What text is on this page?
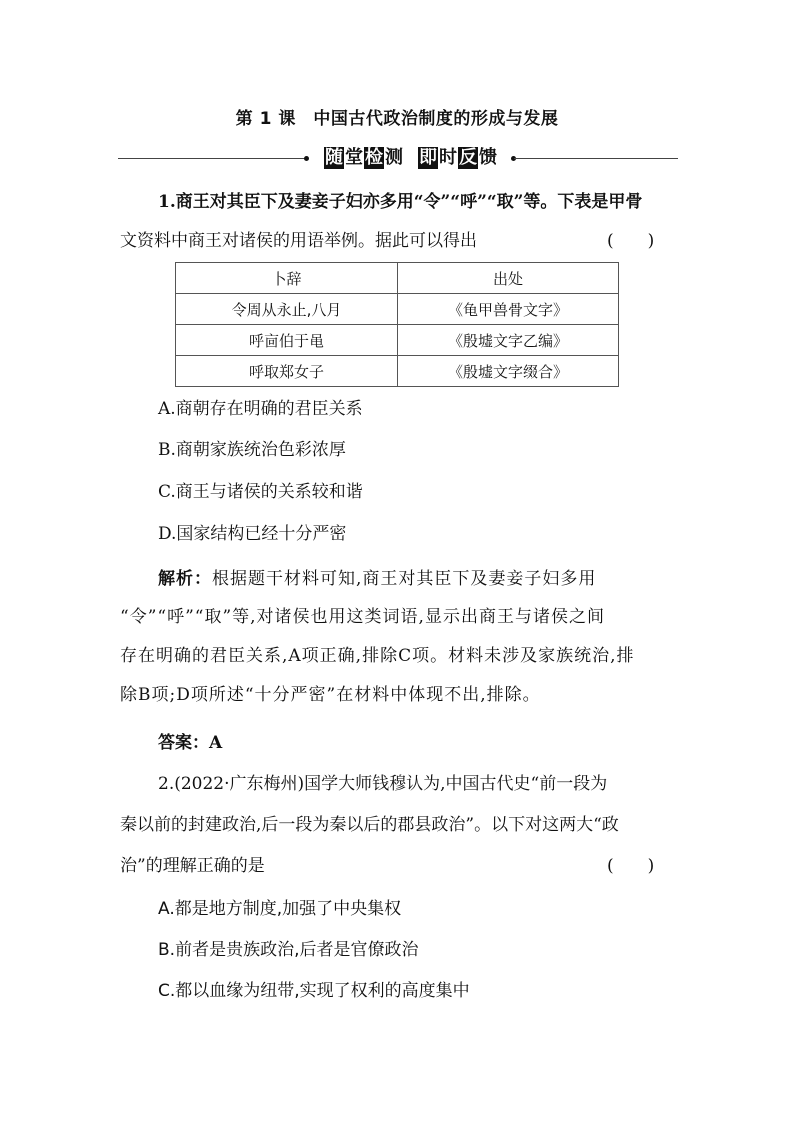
第 1 课　中国古代政治制度的形成与发展
随 堂 检 测 即 时 反 馈
1.商王对其臣下及妻妾子妇亦多用“令”“呼”“取”等。下表是甲骨
文资料中商王对诸侯的用语举例。据此可以得出	(　　)
卜辞	出处
令周从永止,八月	《龟甲兽骨文字》
呼㐭伯于黾	《殷墟文字乙编》
呼取郑女子	《殷墟文字缀合》
A.商朝存在明确的君臣关系
B.商朝家族统治色彩浓厚
C.商王与诸侯的关系较和谐
D.国家结构已经十分严密
解析：根据题干材料可知,商王对其臣下及妻妾子妇多用
“令”“呼”“取”等,对诸侯也用这类词语,显示出商王与诸侯之间
存在明确的君臣关系,A项正确,排除C项。材料未涉及家族统治,排
除B项;D项所述“十分严密”在材料中体现不出,排除。
答案：A
2.(2022·广东梅州)国学大师钱穆认为,中国古代史“前一段为
秦以前的封建政治,后一段为秦以后的郡县政治”。以下对这两大“政
治”的理解正确的是	(　　)
A.都是地方制度,加强了中央集权
B.前者是贵族政治,后者是官僚政治
C.都以血缘为纽带,实现了权利的高度集中
